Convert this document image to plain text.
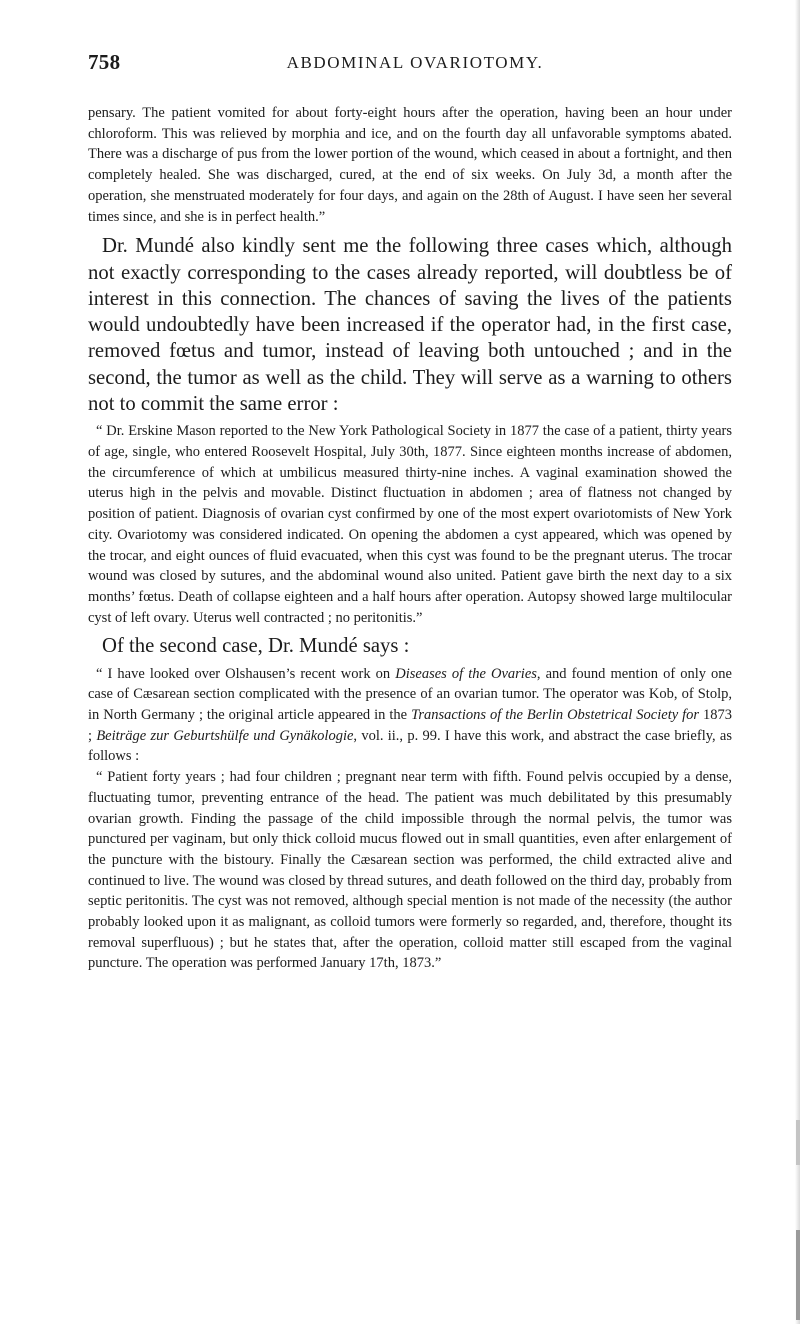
758	ABDOMINAL OVARIOTOMY.

pensary. The patient vomited for about forty-eight hours after the operation, having been an hour under chloroform. This was relieved by morphia and ice, and on the fourth day all unfavorable symptoms abated. There was a discharge of pus from the lower portion of the wound, which ceased in about a fortnight, and then completely healed. She was discharged, cured, at the end of six weeks. On July 3d, a month after the operation, she menstruated moderately for four days, and again on the 28th of August. I have seen her several times since, and she is in perfect health.”

Dr. Mundé also kindly sent me the following three cases which, although not exactly corresponding to the cases already reported, will doubtless be of interest in this connection. The chances of saving the lives of the patients would undoubtedly have been increased if the operator had, in the first case, removed fœtus and tumor, instead of leaving both untouched ; and in the second, the tumor as well as the child. They will serve as a warning to others not to commit the same error :

“ Dr. Erskine Mason reported to the New York Pathological Society in 1877 the case of a patient, thirty years of age, single, who entered Roosevelt Hospital, July 30th, 1877. Since eighteen months increase of abdomen, the circumference of which at umbilicus measured thirty-nine inches. A vaginal examination showed the uterus high in the pelvis and movable. Distinct fluctuation in abdomen ; area of flatness not changed by position of patient. Diagnosis of ovarian cyst confirmed by one of the most expert ovariotomists of New York city. Ovariotomy was considered indicated. On opening the abdomen a cyst appeared, which was opened by the trocar, and eight ounces of fluid evacuated, when this cyst was found to be the pregnant uterus. The trocar wound was closed by sutures, and the abdominal wound also united. Patient gave birth the next day to a six months’ fœtus. Death of collapse eighteen and a half hours after operation. Autopsy showed large multilocular cyst of left ovary. Uterus well contracted ; no peritonitis.”

Of the second case, Dr. Mundé says :

“ I have looked over Olshausen’s recent work on Diseases of the Ovaries, and found mention of only one case of Cæsarean section complicated with the presence of an ovarian tumor. The operator was Kob, of Stolp, in North Germany ; the original article appeared in the Transactions of the Berlin Obstetrical Society for 1873 ; Beiträge zur Geburtshülfe und Gynäkologie, vol. ii., p. 99. I have this work, and abstract the case briefly, as follows :

“ Patient forty years ; had four children ; pregnant near term with fifth. Found pelvis occupied by a dense, fluctuating tumor, preventing entrance of the head. The patient was much debilitated by this presumably ovarian growth. Finding the passage of the child impossible through the normal pelvis, the tumor was punctured per vaginam, but only thick colloid mucus flowed out in small quantities, even after enlargement of the puncture with the bistoury. Finally the Cæsarean section was performed, the child extracted alive and continued to live. The wound was closed by thread sutures, and death followed on the third day, probably from septic peritonitis. The cyst was not removed, although special mention is not made of the necessity (the author probably looked upon it as malignant, as colloid tumors were formerly so regarded, and, therefore, thought its removal superfluous) ; but he states that, after the operation, colloid matter still escaped from the vaginal puncture. The operation was performed January 17th, 1873.”
